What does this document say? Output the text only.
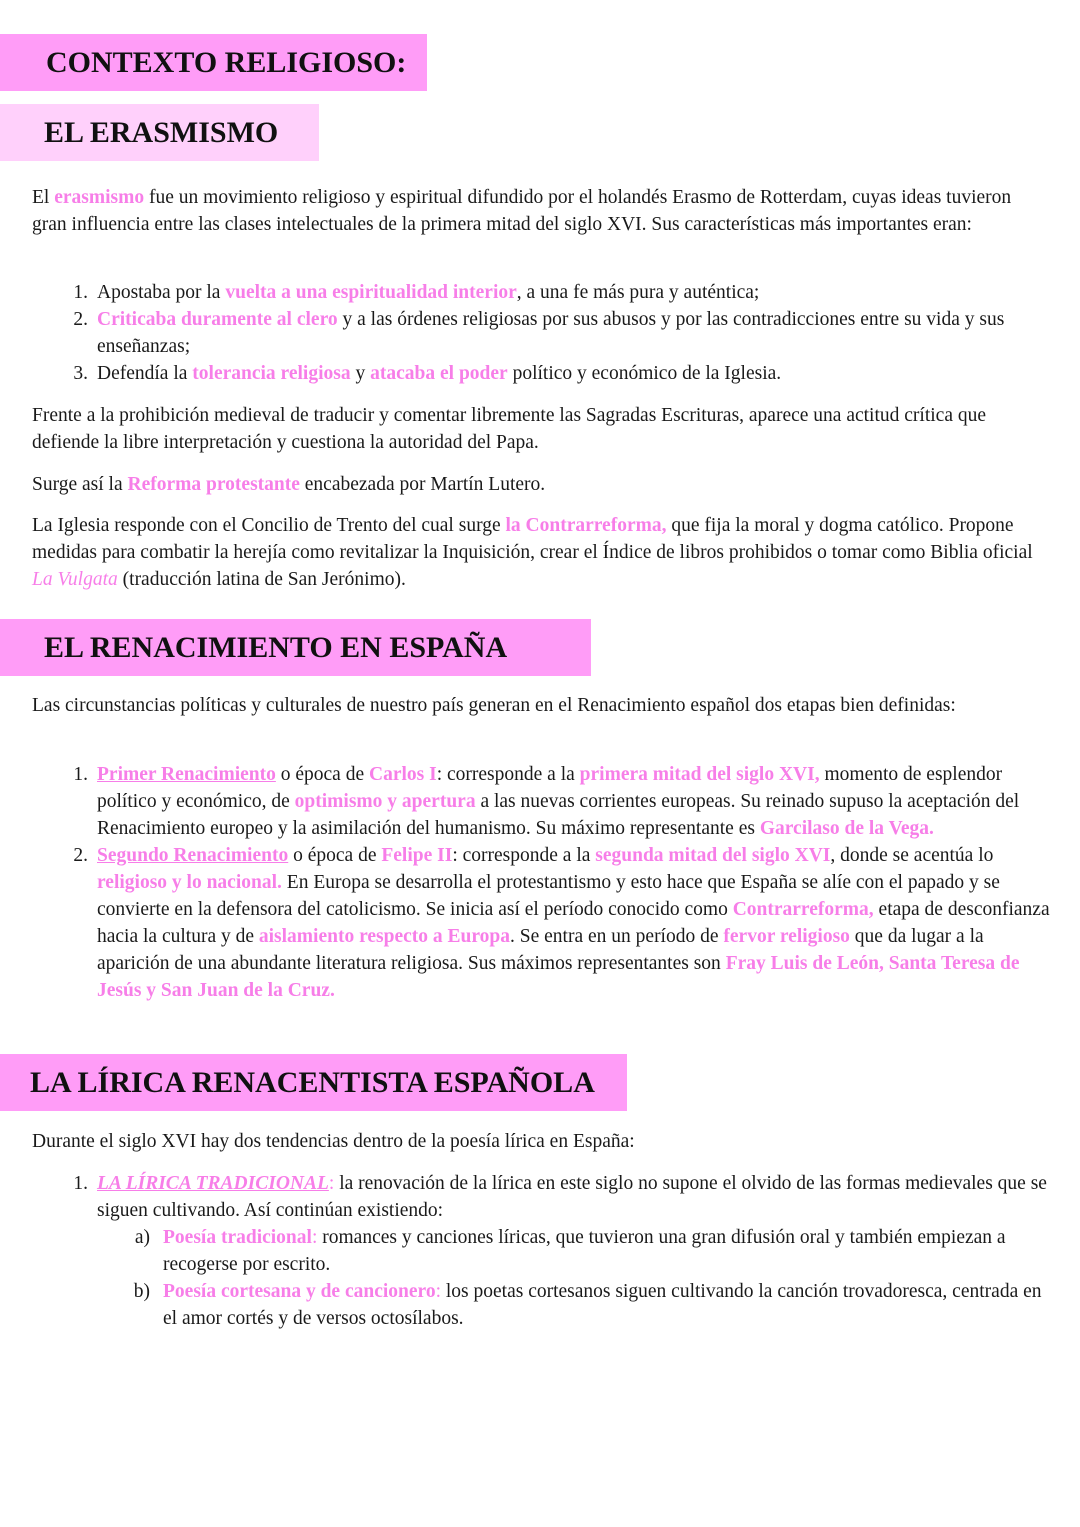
CONTEXTO RELIGIOSO:
EL ERASMISMO

El erasmismo fue un movimiento religioso y espiritual difundido por el holandés Erasmo de Rotterdam, cuyas ideas tuvieron gran influencia entre las clases intelectuales de la primera mitad del siglo XVI. Sus características más importantes eran:

1. Apostaba por la vuelta a una espiritualidad interior, a una fe más pura y auténtica;
2. Criticaba duramente al clero y a las órdenes religiosas por sus abusos y por las contradicciones entre su vida y sus enseñanzas;
3. Defendía la tolerancia religiosa y atacaba el poder político y económico de la Iglesia.

Frente a la prohibición medieval de traducir y comentar libremente las Sagradas Escrituras, aparece una actitud crítica que defiende la libre interpretación y cuestiona la autoridad del Papa.

Surge así la Reforma protestante encabezada por Martín Lutero.

La Iglesia responde con el Concilio de Trento del cual surge la Contrarreforma, que fija la moral y dogma católico. Propone medidas para combatir la herejía como revitalizar la Inquisición, crear el Índice de libros prohibidos o tomar como Biblia oficial La Vulgata (traducción latina de San Jerónimo).

EL RENACIMIENTO EN ESPAÑA

Las circunstancias políticas y culturales de nuestro país generan en el Renacimiento español dos etapas bien definidas:

1. Primer Renacimiento o época de Carlos I: corresponde a la primera mitad del siglo XVI, momento de esplendor político y económico, de optimismo y apertura a las nuevas corrientes europeas. Su reinado supuso la aceptación del Renacimiento europeo y la asimilación del humanismo. Su máximo representante es Garcilaso de la Vega.
2. Segundo Renacimiento o época de Felipe II: corresponde a la segunda mitad del siglo XVI, donde se acentúa lo religioso y lo nacional. En Europa se desarrolla el protestantismo y esto hace que España se alíe con el papado y se convierte en la defensora del catolicismo. Se inicia así el período conocido como Contrarreforma, etapa de desconfianza hacia la cultura y de aislamiento respecto a Europa. Se entra en un período de fervor religioso que da lugar a la aparición de una abundante literatura religiosa. Sus máximos representantes son Fray Luis de León, Santa Teresa de Jesús y San Juan de la Cruz.
LA LÍRICA RENACENTISTA ESPAÑOLA

Durante el siglo XVI hay dos tendencias dentro de la poesía lírica en España:

1. LA LÍRICA TRADICIONAL: la renovación de la lírica en este siglo no supone el olvido de las formas medievales que se siguen cultivando. Así continúan existiendo:
a) Poesía tradicional: romances y canciones líricas, que tuvieron una gran difusión oral y también empiezan a recogerse por escrito.
b) Poesía cortesana y de cancionero: los poetas cortesanos siguen cultivando la canción trovadoresca, centrada en el amor cortés y de versos octosílabos.
